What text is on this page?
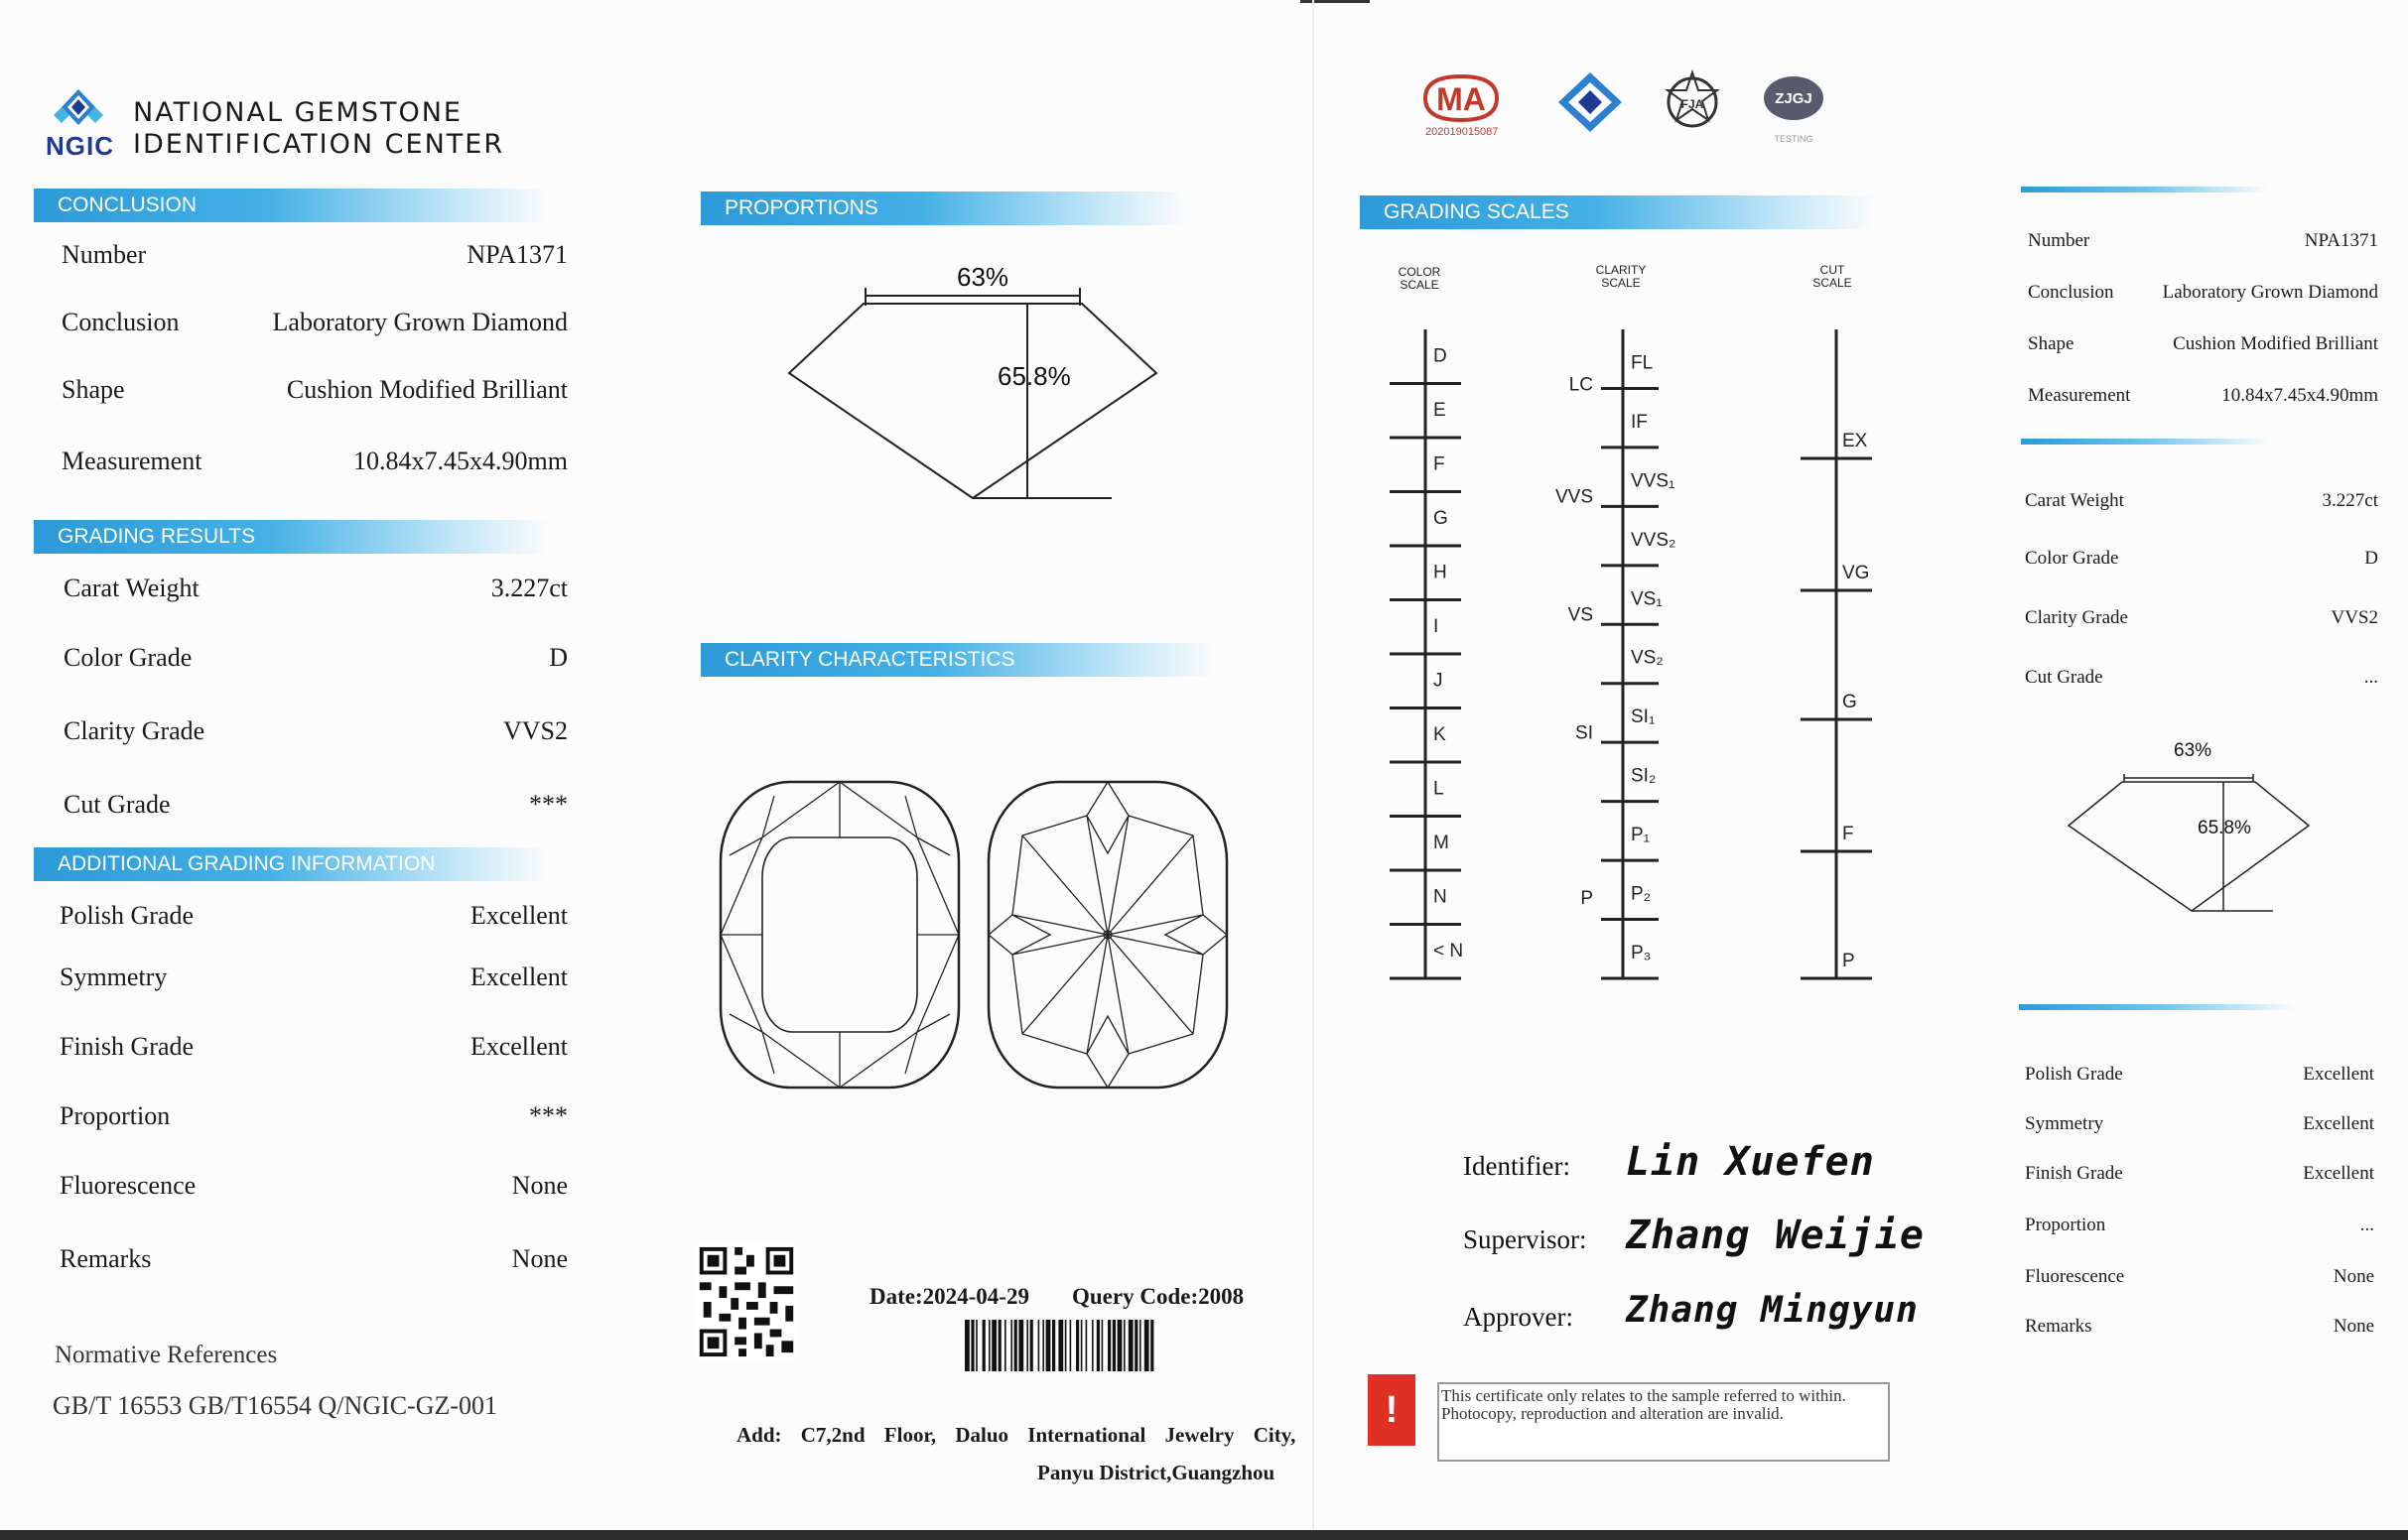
NGIC
NATIONAL GEMSTONE
IDENTIFICATION CENTER
CONCLUSION
Number	NPA1371
Conclusion	Laboratory Grown Diamond
Shape	Cushion Modified Brilliant
Measurement	10.84x7.45x4.90mm
GRADING RESULTS
Carat Weight	3.227ct
Color Grade	D
Clarity Grade	VVS2
Cut Grade	***
ADDITIONAL GRADING INFORMATION
Polish Grade	Excellent
Symmetry	Excellent
Finish Grade	Excellent
Proportion	***
Fluorescence	None
Remarks	None
Normative References
GB/T 16553 GB/T16554 Q/NGIC-GZ-001
PROPORTIONS
63%
65.8%
CLARITY CHARACTERISTICS
Date:2024-04-29 Query Code:2008
Add: C7,2nd Floor, Daluo International Jewelry City,
Panyu District,Guangzhou
MA	FJA	ZJGJ
TESTING
202019015087
GRADING SCALES
COLOR
SCALE
CLARITY
SCALE
CUT
SCALE
D
E
F
G
H
I
J
K
L
M
N
< N
FL
IF
VVS₁
VVS₂
VS₁
VS₂
SI₁
SI₂
P₁
P₂
P₃
LC
VVS
VS
SI
P
EX
VG
G
F
P
Identifier: Lin Xuefen
Supervisor: Zhang Weijie
Approver: Zhang Mingyun
!	This certificate only relates to the sample referred to within. Photocopy, reproduction and alteration are invalid.
Number	NPA1371
Conclusion	Laboratory Grown Diamond
Shape	Cushion Modified Brilliant
Measurement	10.84x7.45x4.90mm
Carat Weight	3.227ct
Color Grade	D
Clarity Grade	VVS2
Cut Grade	...
63%
65.8%
Polish Grade	Excellent
Symmetry	Excellent
Finish Grade	Excellent
Proportion	...
Fluorescence	None
Remarks	None
